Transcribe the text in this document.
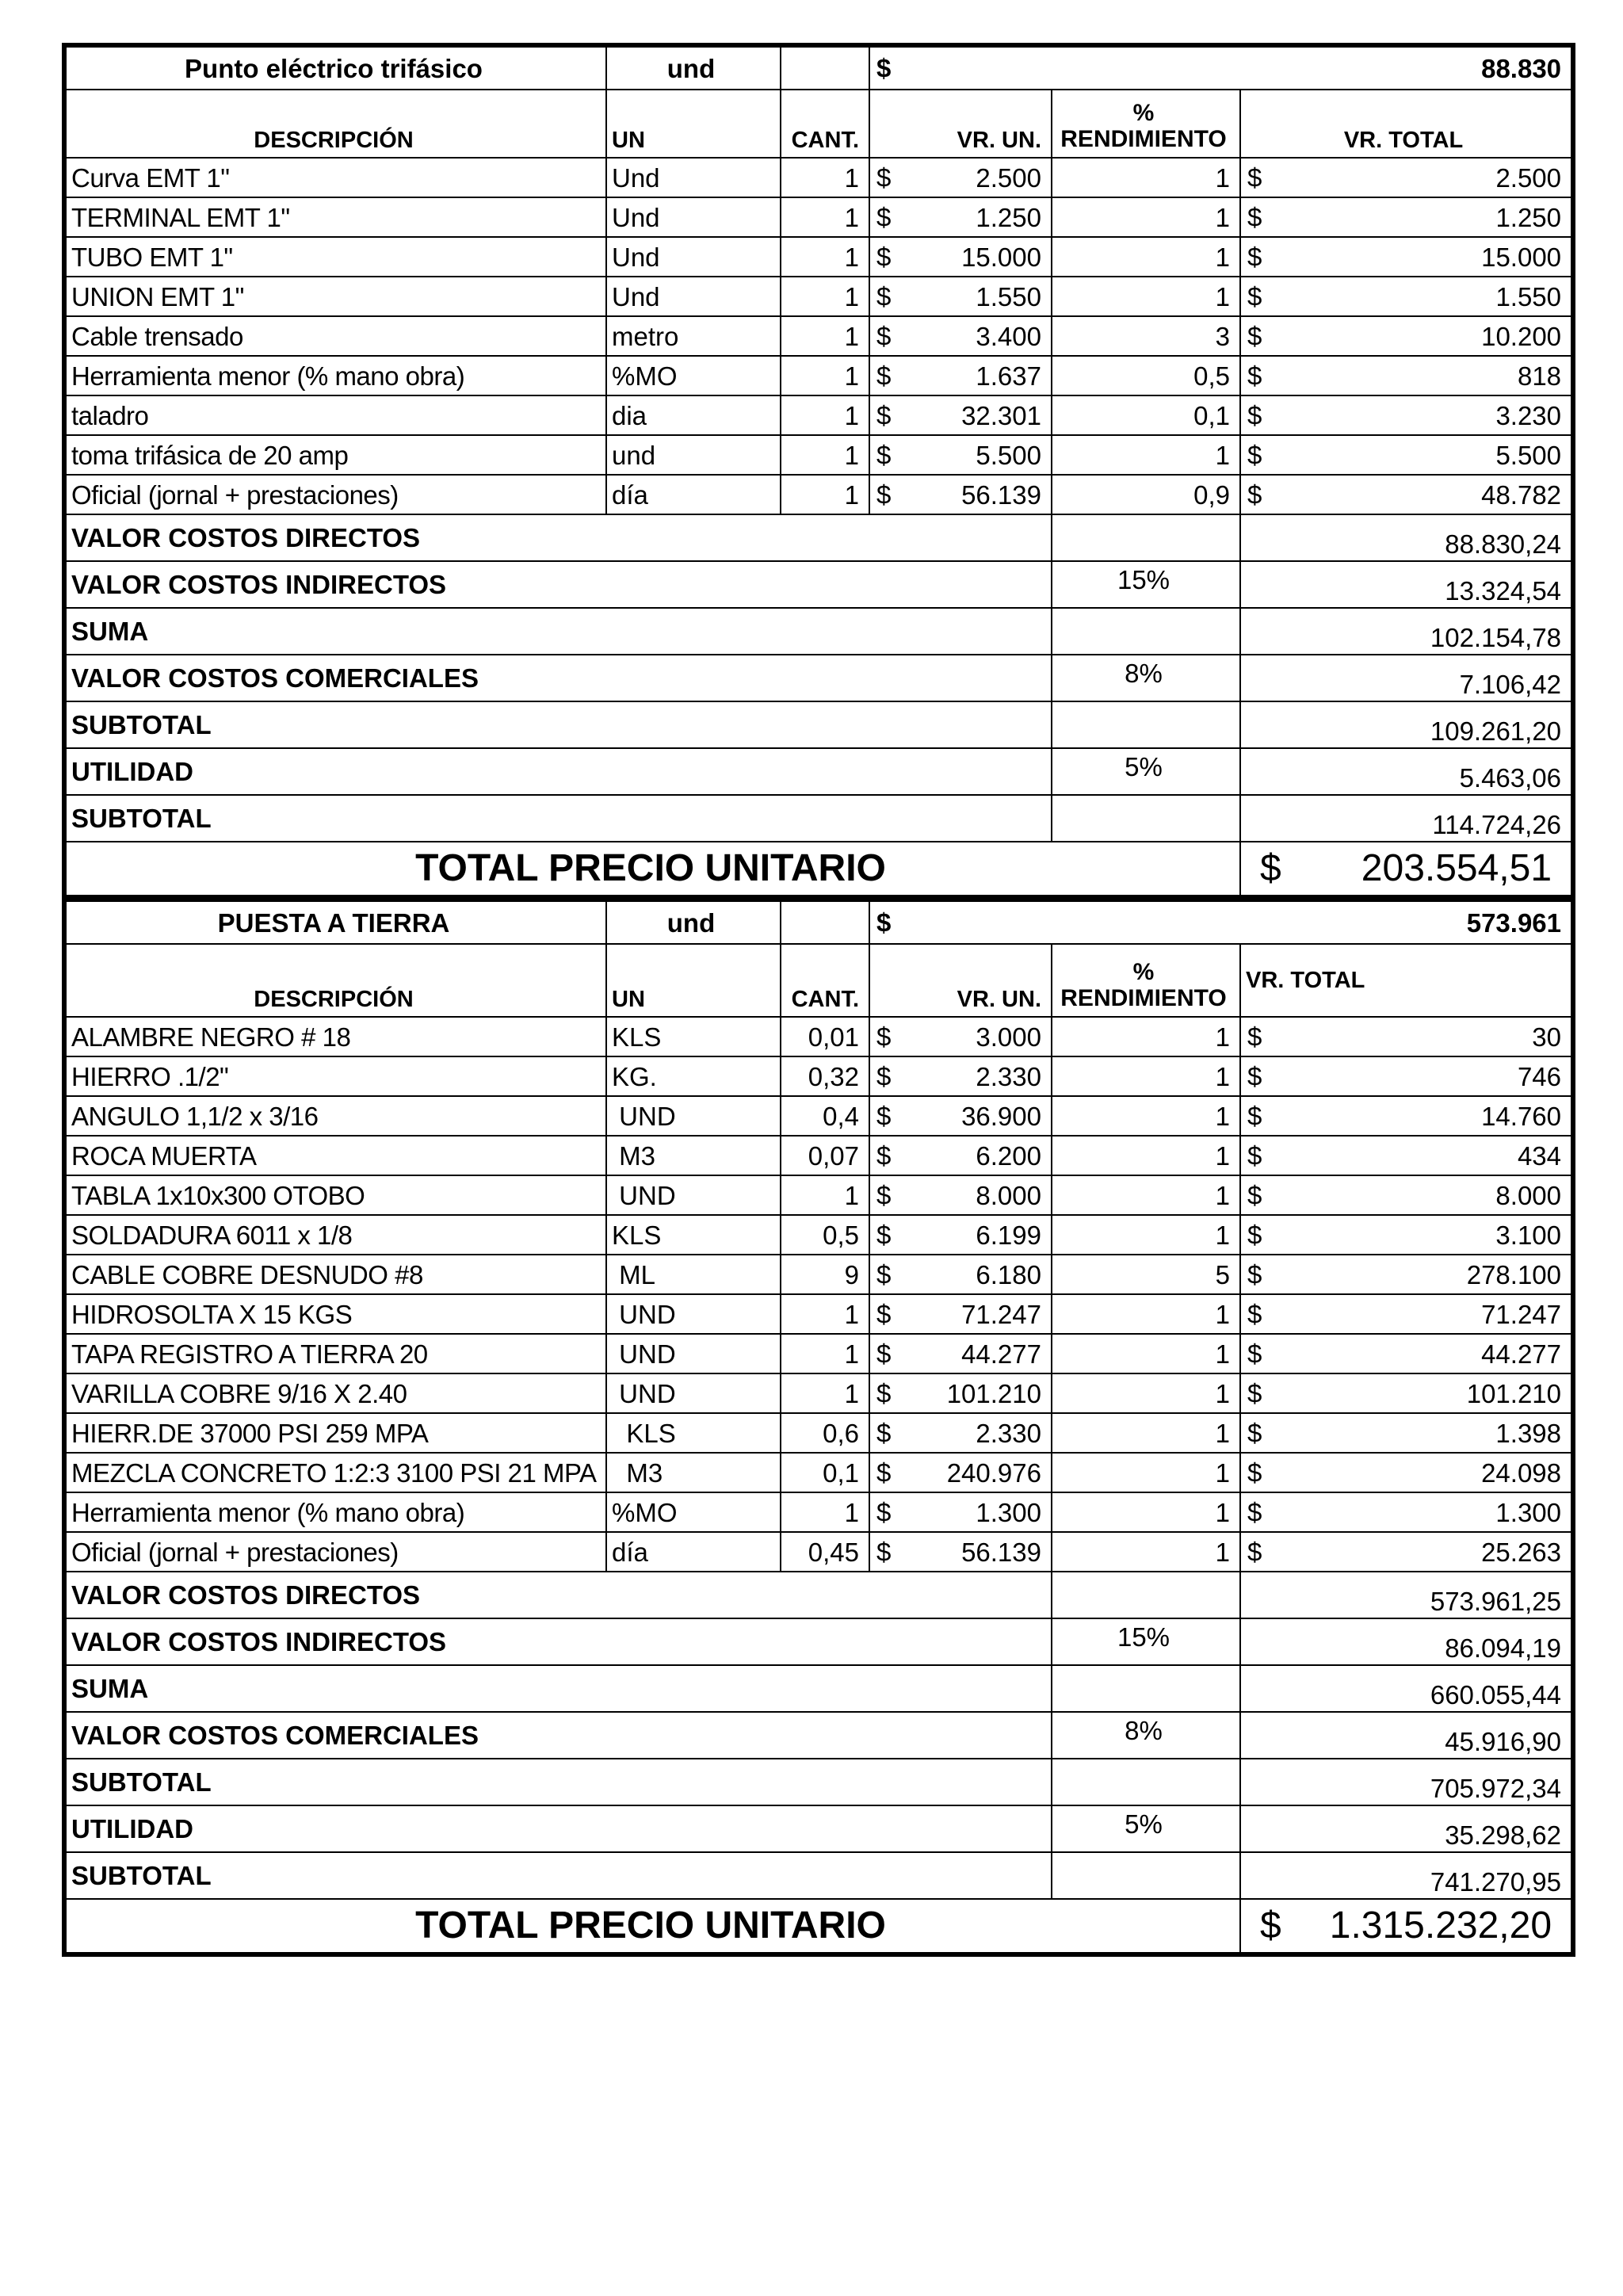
Punto eléctrico trifásico	und		$ 88.830		
DESCRIPCIÓN	UN	CANT.	VR. UN.	%
RENDIMIENTO	VR. TOTAL
Curva EMT 1"	Und	1	$ 2.500	1	$ 2.500
TERMINAL EMT 1"	Und	1	$ 1.250	1	$ 1.250
TUBO EMT 1"	Und	1	$ 15.000	1	$ 15.000
UNION EMT 1"	Und	1	$ 1.550	1	$ 1.550
Cable trensado	metro	1	$ 3.400	3	$ 10.200
Herramienta menor (% mano obra)	%MO	1	$ 1.637	0,5	$ 818
taladro	dia	1	$ 32.301	0,1	$ 3.230
toma trifásica de 20 amp	und	1	$ 5.500	1	$ 5.500
Oficial (jornal + prestaciones)	día	1	$ 56.139	0,9	$ 48.782
VALOR COSTOS DIRECTOS					88.830,24
VALOR COSTOS INDIRECTOS				15%	13.324,54
SUMA					102.154,78
VALOR COSTOS COMERCIALES				8%	7.106,42
SUBTOTAL					109.261,20
UTILIDAD				5%	5.463,06
SUBTOTAL					114.724,26
TOTAL PRECIO UNITARIO					$ 203.554,51
PUESTA A TIERRA	und		$ 573.961		
DESCRIPCIÓN	UN	CANT.	VR. UN.	%
RENDIMIENTO	VR. TOTAL
ALAMBRE NEGRO # 18	KLS	0,01	$ 3.000	1	$ 30
HIERRO .1/2"	KG.	0,32	$ 2.330	1	$ 746
ANGULO 1,1/2 x 3/16	UND	0,4	$ 36.900	1	$ 14.760
ROCA MUERTA	M3	0,07	$ 6.200	1	$ 434
TABLA 1x10x300 OTOBO	UND	1	$ 8.000	1	$ 8.000
SOLDADURA 6011 x 1/8	KLS	0,5	$ 6.199	1	$ 3.100
CABLE COBRE DESNUDO #8	ML	9	$ 6.180	5	$ 278.100
HIDROSOLTA X 15 KGS	UND	1	$ 71.247	1	$ 71.247
TAPA REGISTRO A TIERRA 20	UND	1	$ 44.277	1	$ 44.277
VARILLA COBRE 9/16 X 2.40	UND	1	$ 101.210	1	$ 101.210
HIERR.DE 37000 PSI 259 MPA	KLS	0,6	$ 2.330	1	$ 1.398
MEZCLA CONCRETO 1:2:3 3100 PSI 21 MPA	M3	0,1	$ 240.976	1	$ 24.098
Herramienta menor (% mano obra)	%MO	1	$ 1.300	1	$ 1.300
Oficial (jornal + prestaciones)	día	0,45	$ 56.139	1	$ 25.263
VALOR COSTOS DIRECTOS					573.961,25
VALOR COSTOS INDIRECTOS				15%	86.094,19
SUMA					660.055,44
VALOR COSTOS COMERCIALES				8%	45.916,90
SUBTOTAL					705.972,34
UTILIDAD				5%	35.298,62
SUBTOTAL					741.270,95
TOTAL PRECIO UNITARIO					$ 1.315.232,20
